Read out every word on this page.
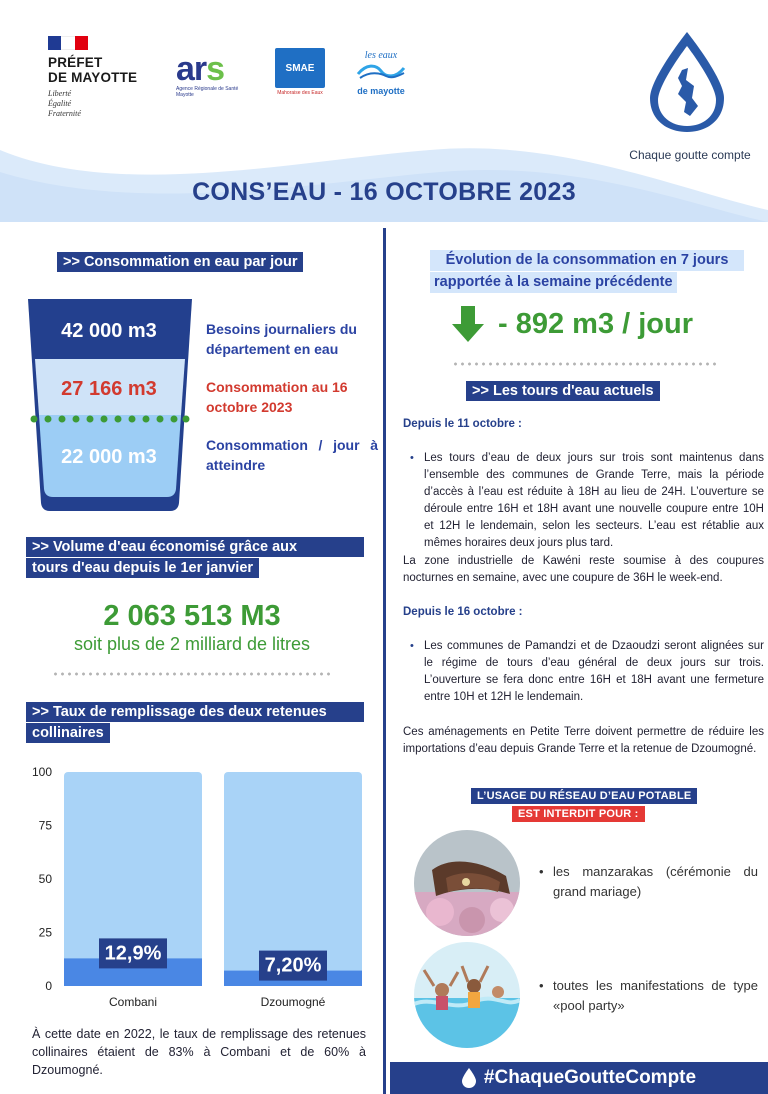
PRÉFET
DE MAYOTTE
Liberté
Égalité
Fraternité
ars
Agence Régionale de Santé
Mayotte
SMAE
Mahoraise des Eaux
les eaux
de mayotte
Chaque goutte compte
CONS’EAU - 16 OCTOBRE 2023
>> Consommation en eau par jour
42 000 m3
27 166 m3
22 000 m3
Besoins journaliers du département en eau
Consommation au 16 octobre 2023
Consommation / jour à atteindre
>> Volume d'eau économisé grâce aux
tours d'eau depuis le 1er janvier
2 063 513 M3
soit plus de 2 milliard de litres
>> Taux de remplissage des deux retenues
collinaires
0
25
50
75
100
12,9%
Combani
7,20%
Dzoumogné
À cette date en 2022, le taux de remplissage des retenues collinaires étaient de 83% à Combani et de 60% à Dzoumogné.
Évolution de la consommation en 7 jours
rapportée à la semaine précédente
- 892 m3 / jour
>> Les tours d'eau actuels
Depuis le 11 octobre :
• Les tours d’eau de deux jours sur trois sont maintenus dans l’ensemble des communes de Grande Terre, mais la période d’accès à l’eau est réduite à 18H au lieu de 24H. L’ouverture se déroule entre 16H et 18H avant une nouvelle coupure entre 10H et 12H le lendemain, selon les secteurs. L’eau est rétablie aux mêmes horaires deux jours plus tard.
La zone industrielle de Kawéni reste soumise à des coupures nocturnes en semaine, avec une coupure de 36H le week-end.
Depuis le 16 octobre :
• Les communes de Pamandzi et de Dzaoudzi seront alignées sur le régime de tours d’eau général de deux jours sur trois. L’ouverture se fera donc entre 16H et 18H avant une fermeture entre 10H et 12H le lendemain.
Ces aménagements en Petite Terre doivent permettre de réduire les importations d’eau depuis Grande Terre et la retenue de Dzoumogné.
L’USAGE DU RÉSEAU D’EAU POTABLE
EST INTERDIT POUR :
• les manzarakas (cérémonie du grand mariage)
• toutes les manifestations de type «pool party»
#ChaqueGoutteCompte
